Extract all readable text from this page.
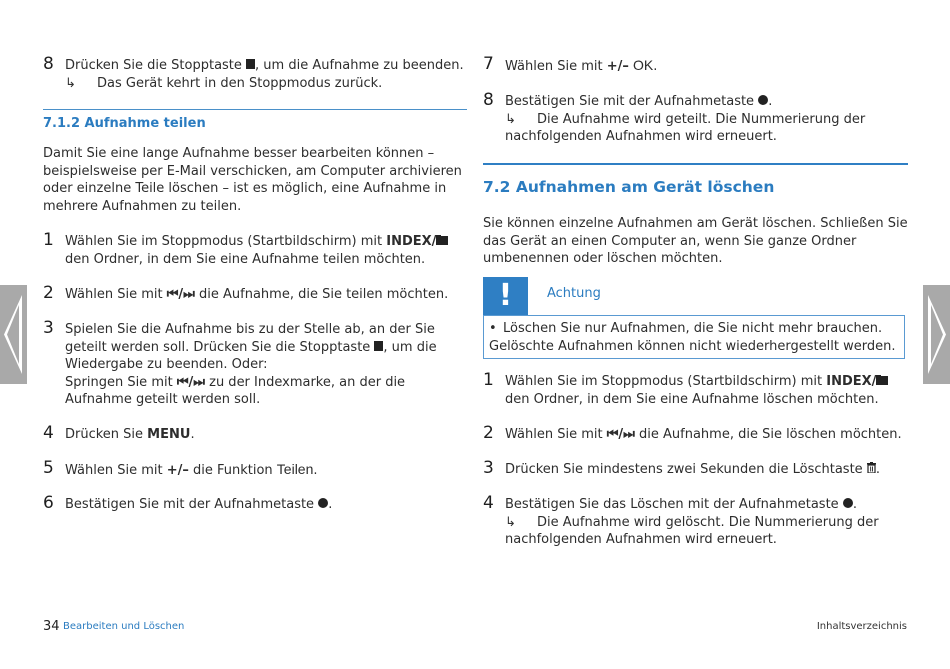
8 Drücken Sie die Stopptaste , um die Aufnahme zu beenden.
↳ Das Gerät kehrt in den Stoppmodus zurück.
7.1.2 Aufnahme teilen
Damit Sie eine lange Aufnahme besser bearbeiten können – beispielsweise per E-Mail verschicken, am Computer archivieren oder einzelne Teile löschen – ist es möglich, eine Aufnahme in mehrere Aufnahmen zu teilen.
1 Wählen Sie im Stoppmodus (Startbildschirm) mit INDEX/ den Ordner, in dem Sie eine Aufnahme teilen möchten.
2 Wählen Sie mit ⏮/⏭ die Aufnahme, die Sie teilen möchten.
3 Spielen Sie die Aufnahme bis zu der Stelle ab, an der Sie geteilt werden soll. Drücken Sie die Stopptaste , um die Wiedergabe zu beenden. Oder:
Springen Sie mit ⏮/⏭ zu der Indexmarke, an der die Aufnahme geteilt werden soll.
4 Drücken Sie MENU.
5 Wählen Sie mit +/– die Funktion Teilen.
6 Bestätigen Sie mit der Aufnahmetaste .
7 Wählen Sie mit +/– OK.
8 Bestätigen Sie mit der Aufnahmetaste .
↳ Die Aufnahme wird geteilt. Die Nummerierung der nachfolgenden Aufnahmen wird erneuert.
7.2 Aufnahmen am Gerät löschen
Sie können einzelne Aufnahmen am Gerät löschen. Schließen Sie das Gerät an einen Computer an, wenn Sie ganze Ordner umbenennen oder löschen möchten.
!	Achtung
• Löschen Sie nur Aufnahmen, die Sie nicht mehr brauchen. Gelöschte Aufnahmen können nicht wiederhergestellt werden.
1 Wählen Sie im Stoppmodus (Startbildschirm) mit INDEX/ den Ordner, in dem Sie eine Aufnahme löschen möchten.
2 Wählen Sie mit ⏮/⏭ die Aufnahme, die Sie löschen möchten.
3 Drücken Sie mindestens zwei Sekunden die Löschtaste .
4 Bestätigen Sie das Löschen mit der Aufnahmetaste .
↳ Die Aufnahme wird gelöscht. Die Nummerierung der nachfolgenden Aufnahmen wird erneuert.
34 Bearbeiten und Löschen	Inhaltsverzeichnis
